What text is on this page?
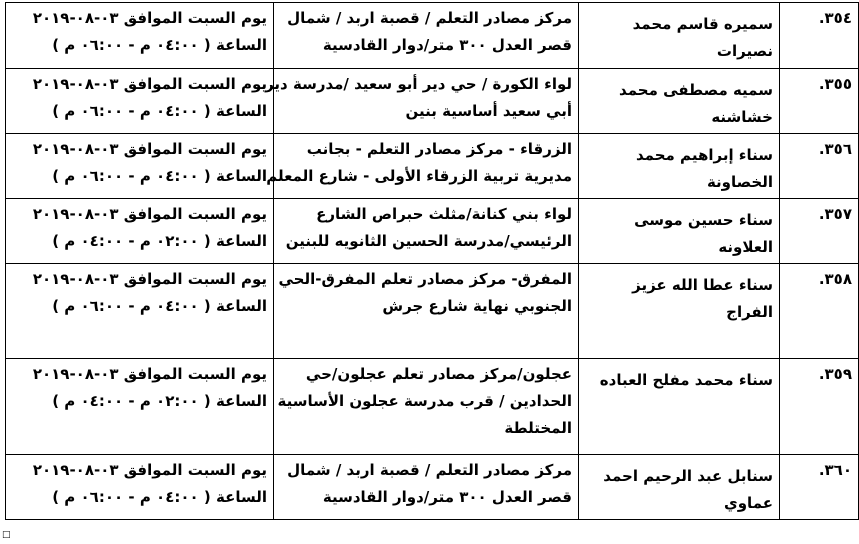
٣٥٤.	سميره قاسم محمد نصيرات	مركز مصادر التعلم / قصبة اربد / شمال
قصر العدل ٣٠٠ متر/دوار القادسية	يوم السبت الموافق ٠٣-٠٨-٢٠١٩
الساعة ( ٠٤:٠٠ م - ٠٦:٠٠ م )

٣٥٥.	سميه مصطفى محمد خشاشنه	لواء الكورة / حي دير أبو سعيد /مدرسة دير
أبي سعيد أساسية بنين	يوم السبت الموافق ٠٣-٠٨-٢٠١٩
الساعة ( ٠٤:٠٠ م - ٠٦:٠٠ م )

٣٥٦.	سناء إبراهيم محمد الخصاونة	الزرقاء - مركز مصادر التعلم - بجانب
مديرية تربية الزرقاء الأولى - شارع المعلم	يوم السبت الموافق ٠٣-٠٨-٢٠١٩
الساعة ( ٠٤:٠٠ م - ٠٦:٠٠ م )

٣٥٧.	سناء حسين موسى العلاونه	لواء بني كنانة/مثلث حبراص الشارع
الرئيسي/مدرسة الحسين الثانويه للبنين	يوم السبت الموافق ٠٣-٠٨-٢٠١٩
الساعة ( ٠٢:٠٠ م - ٠٤:٠٠ م )

٣٥٨.	سناء عطا الله عزيز الفراج	المفرق- مركز مصادر تعلم المفرق-الحي
الجنوبي نهاية شارع جرش	يوم السبت الموافق ٠٣-٠٨-٢٠١٩
الساعة ( ٠٤:٠٠ م - ٠٦:٠٠ م )

٣٥٩.	سناء محمد مفلح العباده	عجلون/مركز مصادر تعلم عجلون/حي
الحدادين / قرب مدرسة عجلون الأساسية
المختلطة	يوم السبت الموافق ٠٣-٠٨-٢٠١٩
الساعة ( ٠٢:٠٠ م - ٠٤:٠٠ م )

٣٦٠.	سنابل عبد الرحيم احمد عماوي	مركز مصادر التعلم / قصبة اربد / شمال
قصر العدل ٣٠٠ متر/دوار القادسية	يوم السبت الموافق ٠٣-٠٨-٢٠١٩
الساعة ( ٠٤:٠٠ م - ٠٦:٠٠ م )
□
